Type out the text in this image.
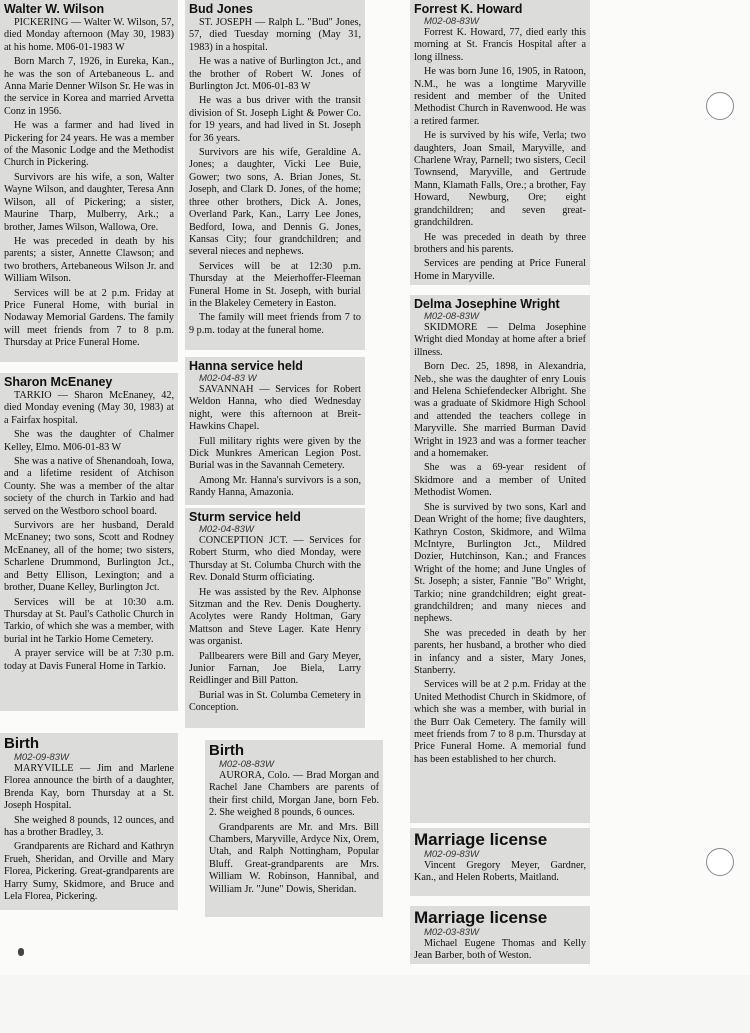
Walter W. Wilson

PICKERING — Walter W. Wilson, 57, died Monday afternoon (May 30, 1983) at his home. M06-01-1983 W

Born March 7, 1926, in Eureka, Kan., he was the son of Artebaneous L. and Anna Marie Denner Wilson Sr. He was in the service in Korea and married Arvetta Conz in 1956.

He was a farmer and had lived in Pickering for 24 years. He was a member of the Masonic Lodge and the Methodist Church in Pickering.

Survivors are his wife, a son, Walter Wayne Wilson, and daughter, Teresa Ann Wilson, all of Pickering; a sister, Maurine Tharp, Mulberry, Ark.; a brother, James Wilson, Wallowa, Ore.

He was preceded in death by his parents; a sister, Annette Clawson; and two brothers, Artebaneous Wilson Jr. and William Wilson.

Services will be at 2 p.m. Friday at Price Funeral Home, with burial in Nodaway Memorial Gardens. The family will meet friends from 7 to 8 p.m. Thursday at Price Funeral Home.

Sharon McEnaney

TARKIO — Sharon McEnaney, 42, died Monday evening (May 30, 1983) at a Fairfax hospital.

She was the daughter of Chalmer Kelley, Elmo. M06-01-83 W

She was a native of Shenandoah, Iowa, and a lifetime resident of Atchison County. She was a member of the altar society of the church in Tarkio and had served on the Westboro school board.

Survivors are her husband, Derald McEnaney; two sons, Scott and Rodney McEnaney, all of the home; two sisters, Scharlene Drummond, Burlington Jct., and Betty Ellison, Lexington; and a brother, Duane Kelley, Burlington Jct.

Services will be at 10:30 a.m. Thursday at St. Paul's Catholic Church in Tarkio, of which she was a member, with burial int he Tarkio Home Cemetery.

A prayer service will be at 7:30 p.m. today at Davis Funeral Home in Tarkio.

Birth
M02-09-83W

MARYVILLE — Jim and Marlene Florea announce the birth of a daughter, Brenda Kay, born Thursday at a St. Joseph Hospital.

She weighed 8 pounds, 12 ounces, and has a brother Bradley, 3.

Grandparents are Richard and Kathryn Frueh, Sheridan, and Orville and Mary Florea, Pickering. Great-grandparents are Harry Sumy, Skidmore, and Bruce and Lela Florea, Pickering.

Bud Jones

ST. JOSEPH — Ralph L. "Bud" Jones, 57, died Tuesday morning (May 31, 1983) in a hospital.

He was a native of Burlington Jct., and the brother of Robert W. Jones of Burlington Jct. M06-01-83 W

He was a bus driver with the transit division of St. Joseph Light & Power Co. for 19 years, and had lived in St. Joseph for 36 years.

Survivors are his wife, Geraldine A. Jones; a daughter, Vicki Lee Buie, Gower; two sons, A. Brian Jones, St. Joseph, and Clark D. Jones, of the home; three other brothers, Dick A. Jones, Overland Park, Kan., Larry Lee Jones, Bedford, Iowa, and Dennis G. Jones, Kansas City; four grandchildren; and several nieces and nephews.

Services will be at 12:30 p.m. Thursday at the Meierhoffer-Fleeman Funeral Home in St. Joseph, with burial in the Blakeley Cemetery in Easton.

The family will meet friends from 7 to 9 p.m. today at the funeral home.

Hanna service held
M02-04-83 W

SAVANNAH — Services for Robert Weldon Hanna, who died Wednesday night, were this afternoon at Breit-Hawkins Chapel.

Full military rights were given by the Dick Munkres American Legion Post. Burial was in the Savannah Cemetery.

Among Mr. Hanna's survivors is a son, Randy Hanna, Amazonia.

Sturm service held
M02-04-83W

CONCEPTION JCT. — Services for Robert Sturm, who died Monday, were Thursday at St. Columba Church with the Rev. Donald Sturm officiating.

He was assisted by the Rev. Alphonse Sitzman and the Rev. Denis Dougherty. Acolytes were Randy Holtman, Gary Mattson and Steve Lager. Kate Henry was organist.

Pallbearers were Bill and Gary Meyer, Junior Farnan, Joe Biela, Larry Reidlinger and Bill Patton.

Burial was in St. Columba Cemetery in Conception.

Birth
M02-08-83W

AURORA, Colo. — Brad Morgan and Rachel Jane Chambers are parents of their first child, Morgan Jane, born Feb. 2. She weighed 8 pounds, 6 ounces.

Grandparents are Mr. and Mrs. Bill Chambers, Maryville, Ardyce Nix, Orem, Utah, and Ralph Nottingham, Popular Bluff. Great-grandparents are Mrs. William W. Robinson, Hannibal, and William Jr. "June" Dowis, Sheridan.

Forrest K. Howard
M02-08-83W

Forrest K. Howard, 77, died early this morning at St. Francis Hospital after a long illness.

He was born June 16, 1905, in Ratoon, N.M., he was a longtime Maryville resident and member of the United Methodist Church in Ravenwood. He was a retired farmer.

He is survived by his wife, Verla; two daughters, Joan Smail, Maryville, and Charlene Wray, Parnell; two sisters, Cecil Townsend, Maryville, and Gertrude Mann, Klamath Falls, Ore.; a brother, Fay Howard, Newburg, Ore; eight grandchildren; and seven great-grandchildren.

He was preceded in death by three brothers and his parents.

Services are pending at Price Funeral Home in Maryville.

Delma Josephine Wright
M02-08-83W

SKIDMORE — Delma Josephine Wright died Monday at home after a brief illness.

Born Dec. 25, 1898, in Alexandria, Neb., she was the daughter of enry Louis and Helena Schiefendecker Albright. She was a graduate of Skidmore High School and attended the teachers college in Maryville. She married Burman David Wright in 1923 and was a former teacher and a homemaker.

She was a 69-year resident of Skidmore and a member of United Methodist Women.

She is survived by two sons, Karl and Dean Wright of the home; five daughters, Kathryn Coston, Skidmore, and Wilma McIntyre, Burlington Jct., Mildred Dozier, Hutchinson, Kan.; and Frances Wright of the home; and June Ungles of St. Joseph; a sister, Fannie "Bo" Wright, Tarkio; nine grandchildren; eight great-grandchildren; and many nieces and nephews.

She was preceded in death by her parents, her husband, a brother who died in infancy and a sister, Mary Jones, Stanberry.

Services will be at 2 p.m. Friday at the United Methodist Church in Skidmore, of which she was a member, with burial in the Burr Oak Cemetery. The family will meet friends from 7 to 8 p.m. Thursday at Price Funeral Home. A memorial fund has been established to her church.

Marriage license
M02-09-83W

Vincent Gregory Meyer, Gardner, Kan., and Helen Roberts, Maitland.

Marriage license
M02-03-83W

Michael Eugene Thomas and Kelly Jean Barber, both of Weston.
